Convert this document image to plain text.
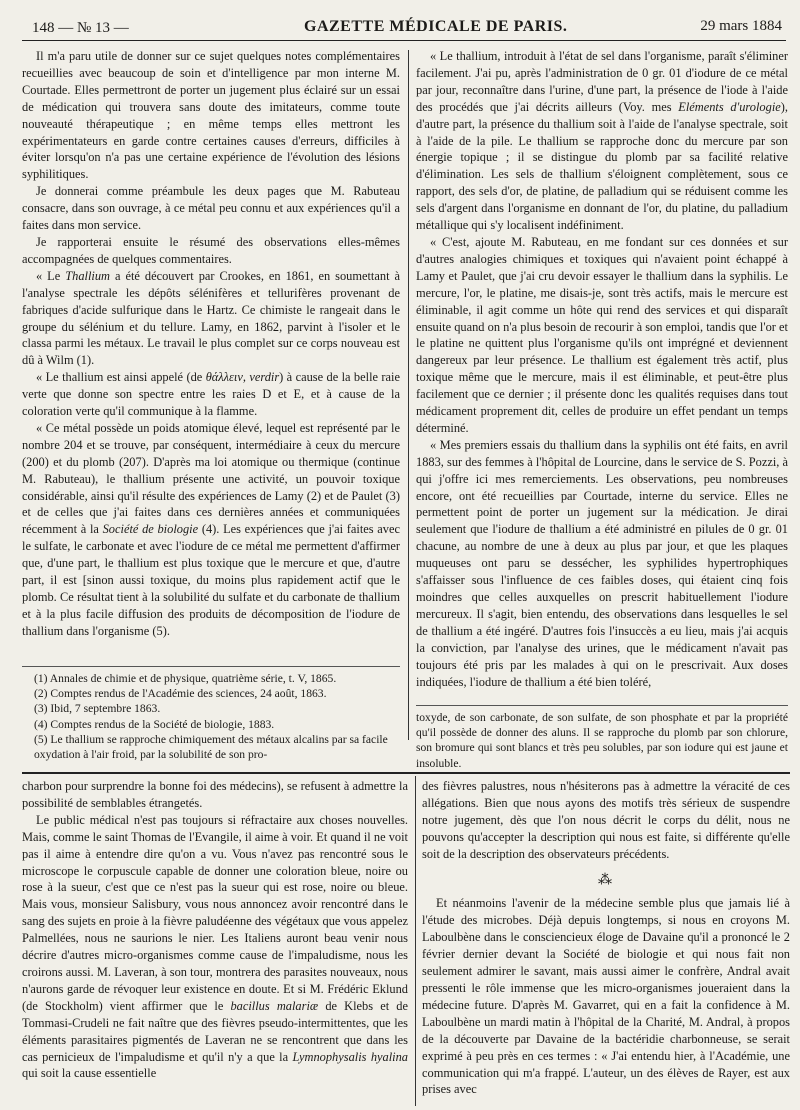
148 — № 13 —	GAZETTE MÉDICALE DE PARIS.	29 mars 1884

Il m'a paru utile de donner sur ce sujet quelques notes complémentaires recueillies avec beaucoup de soin et d'intelligence par mon interne M. Courtade. Elles permettront de porter un jugement plus éclairé sur un essai de médication qui trouvera sans doute des imitateurs, comme toute nouveauté thérapeutique ; en même temps elles mettront les expérimentateurs en garde contre certaines causes d'erreurs, difficiles à éviter lorsqu'on n'a pas une certaine expérience de l'évolution des lésions syphilitiques.

Je donnerai comme préambule les deux pages que M. Rabuteau consacre, dans son ouvrage, à ce métal peu connu et aux expériences qu'il a faites dans mon service.

Je rapporterai ensuite le résumé des observations elles-mêmes accompagnées de quelques commentaires.

« Le Thallium a été découvert par Crookes, en 1861, en soumettant à l'analyse spectrale les dépôts sélénifères et tellurifères provenant de fabriques d'acide sulfurique dans le Hartz. Ce chimiste le rangeait dans le groupe du sélénium et du tellure. Lamy, en 1862, parvint à l'isoler et le classa parmi les métaux. Le travail le plus complet sur ce corps nouveau est dû à Wilm (1).

« Le thallium est ainsi appelé (de θάλλειν, verdir) à cause de la belle raie verte que donne son spectre entre les raies D et E, et à cause de la coloration verte qu'il communique à la flamme.

« Ce métal possède un poids atomique élevé, lequel est représenté par le nombre 204 et se trouve, par conséquent, intermédiaire à ceux du mercure (200) et du plomb (207). D'après ma loi atomique ou thermique (continue M. Rabuteau), le thallium présente une activité, un pouvoir toxique considérable, ainsi qu'il résulte des expériences de Lamy (2) et de Paulet (3) et de celles que j'ai faites dans ces dernières années et communiquées récemment à la Société de biologie (4). Les expériences que j'ai faites avec le sulfate, le carbonate et avec l'iodure de ce métal me permettent d'affirmer que, d'une part, le thallium est plus toxique que le mercure et que, d'autre part, il est [sinon aussi toxique, du moins plus rapidement actif que le plomb. Ce résultat tient à la solubilité du sulfate et du carbonate de thallium et à la plus facile diffusion des produits de décomposition de l'iodure de thallium dans l'organisme (5).

(1) Annales de chimie et de physique, quatrième série, t. V, 1865.
(2) Comptes rendus de l'Académie des sciences, 24 août, 1863.
(3) Ibid, 7 septembre 1863.
(4) Comptes rendus de la Société de biologie, 1883.
(5) Le thallium se rapproche chimiquement des métaux alcalins par sa facile oxydation à l'air froid, par la solubilité de son pro-

« Le thallium, introduit à l'état de sel dans l'organisme, paraît s'éliminer facilement. J'ai pu, après l'administration de 0 gr. 01 d'iodure de ce métal par jour, reconnaître dans l'urine, d'une part, la présence de l'iode à l'aide des procédés que j'ai décrits ailleurs (Voy. mes Eléments d'urologie), d'autre part, la présence du thallium soit à l'aide de l'analyse spectrale, soit à l'aide de la pile. Le thallium se rapproche donc du mercure par son énergie topique ; il se distingue du plomb par sa facilité relative d'élimination. Les sels de thallium s'éloignent complètement, sous ce rapport, des sels d'or, de platine, de palladium qui se réduisent comme les sels d'argent dans l'organisme en donnant de l'or, du platine, du palladium métallique qui s'y localisent indéfiniment.

« C'est, ajoute M. Rabuteau, en me fondant sur ces données et sur d'autres analogies chimiques et toxiques qui n'avaient point échappé à Lamy et Paulet, que j'ai cru devoir essayer le thallium dans la syphilis. Le mercure, l'or, le platine, me disais-je, sont très actifs, mais le mercure est éliminable, il agit comme un hôte qui rend des services et qui disparaît ensuite quand on n'a plus besoin de recourir à son emploi, tandis que l'or et le platine ne quittent plus l'organisme qu'ils ont imprégné et deviennent dangereux par leur présence. Le thallium est également très actif, plus toxique même que le mercure, mais il est éliminable, et peut-être plus facilement que ce dernier ; il présente donc les qualités requises dans tout médicament proprement dit, celles de produire un effet pendant un temps déterminé.

« Mes premiers essais du thallium dans la syphilis ont été faits, en avril 1883, sur des femmes à l'hôpital de Lourcine, dans le service de S. Pozzi, à qui j'offre ici mes remerciements. Les observations, peu nombreuses encore, ont été recueillies par Courtade, interne du service. Elles ne permettent point de porter un jugement sur la médication. Je dirai seulement que l'iodure de thallium a été administré en pilules de 0 gr. 01 chacune, au nombre de une à deux au plus par jour, et que les plaques muqueuses ont paru se dessécher, les syphilides hypertrophiques s'affaisser sous l'influence de ces faibles doses, qui étaient cinq fois moindres que celles auxquelles on prescrit habituellement l'iodure mercureux. Il s'agit, bien entendu, des observations dans lesquelles le sel de thallium a été ingéré. D'autres fois l'insuccès a eu lieu, mais j'ai acquis la conviction, par l'analyse des urines, que le médicament n'avait pas toujours été pris par les malades à qui on le prescrivait. Aux doses indiquées, l'iodure de thallium a été bien toléré,

toxyde, de son carbonate, de son sulfate, de son phosphate et par la propriété qu'il possède de donner des aluns. Il se rapproche du plomb par son chlorure, son bromure qui sont blancs et très peu solubles, par son iodure qui est jaune et insoluble.

charbon pour surprendre la bonne foi des médecins), se refusent à admettre la possibilité de semblables étrangetés.

Le public médical n'est pas toujours si réfractaire aux choses nouvelles. Mais, comme le saint Thomas de l'Evangile, il aime à voir. Et quand il ne voit pas il aime à entendre dire qu'on a vu. Vous n'avez pas rencontré sous le microscope le corpuscule capable de donner une coloration bleue, noire ou rose à la sueur, c'est que ce n'est pas la sueur qui est rose, noire ou bleue. Mais vous, monsieur Salisbury, vous nous annoncez avoir rencontré dans le sang des sujets en proie à la fièvre paludéenne des végétaux que vous appelez Palmellées, nous ne saurions le nier. Les Italiens auront beau venir nous décrire d'autres micro-organismes comme cause de l'impaludisme, nous les croirons aussi. M. Laveran, à son tour, montrera des parasites nouveaux, nous n'aurons garde de révoquer leur existence en doute. Et si M. Frédéric Eklund (de Stockholm) vient affirmer que le bacillus malariæ de Klebs et de Tommasi-Crudeli ne fait naître que des fièvres pseudo-intermittentes, que les éléments parasitaires pigmentés de Laveran ne se rencontrent que dans les cas pernicieux de l'impaludisme et qu'il n'y a que la Lymnophysalis hyalina qui soit la cause essentielle

des fièvres palustres, nous n'hésiterons pas à admettre la véracité de ces allégations. Bien que nous ayons des motifs très sérieux de suspendre notre jugement, dès que l'on nous décrit le corps du délit, nous ne pouvons qu'accepter la description qui nous est faite, si différente qu'elle soit de la description des observateurs précédents.

⁂

Et néanmoins l'avenir de la médecine semble plus que jamais lié à l'étude des microbes. Déjà depuis longtemps, si nous en croyons M. Laboulbène dans le consciencieux éloge de Davaine qu'il a prononcé le 2 février dernier devant la Société de biologie et qui nous fait non seulement admirer le savant, mais aussi aimer le confrère, Andral avait pressenti le rôle immense que les micro-organismes joueraient dans la médecine future. D'après M. Gavarret, qui en a fait la confidence à M. Laboulbène un mardi matin à l'hôpital de la Charité, M. Andral, à propos de la découverte par Davaine de la bactéridie charbonneuse, se serait exprimé à peu près en ces termes : « J'ai entendu hier, à l'Académie, une communication qui m'a frappé. L'auteur, un des élèves de Rayer, est aux prises avec
